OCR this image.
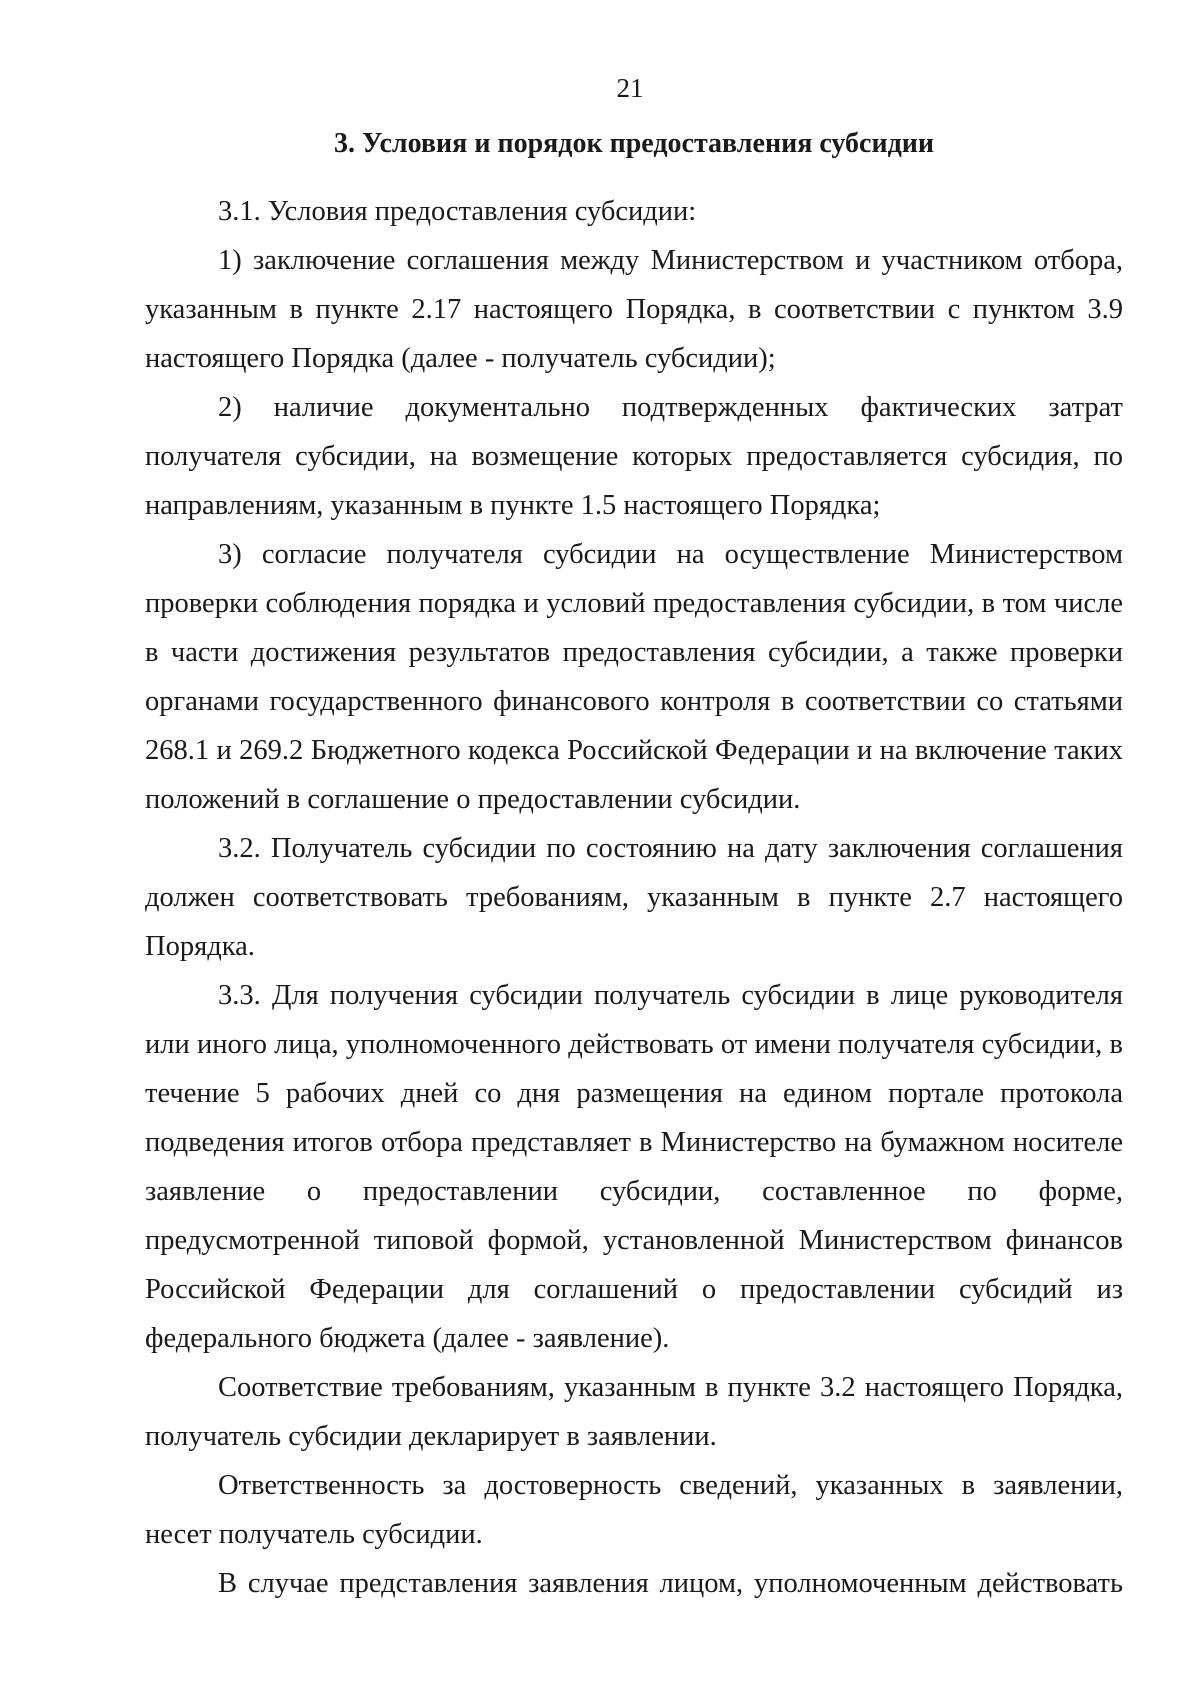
21
3. Условия и порядок предоставления субсидии

3.1. Условия предоставления субсидии:

1) заключение соглашения между Министерством и участником отбора, указанным в пункте 2.17 настоящего Порядка, в соответствии с пунктом 3.9 настоящего Порядка (далее - получатель субсидии);

2) наличие документально подтвержденных фактических затрат получателя субсидии, на возмещение которых предоставляется субсидия, по направлениям, указанным в пункте 1.5 настоящего Порядка;

3) согласие получателя субсидии на осуществление Министерством проверки соблюдения порядка и условий предоставления субсидии, в том числе в части достижения результатов предоставления субсидии, а также проверки органами государственного финансового контроля в соответствии со статьями 268.1 и 269.2 Бюджетного кодекса Российской Федерации и на включение таких положений в соглашение о предоставлении субсидии.

3.2. Получатель субсидии по состоянию на дату заключения соглашения должен соответствовать требованиям, указанным в пункте 2.7 настоящего Порядка.

3.3. Для получения субсидии получатель субсидии в лице руководителя или иного лица, уполномоченного действовать от имени получателя субсидии, в течение 5 рабочих дней со дня размещения на едином портале протокола подведения итогов отбора представляет в Министерство на бумажном носителе заявление о предоставлении субсидии, составленное по форме, предусмотренной типовой формой, установленной Министерством финансов Российской Федерации для соглашений о предоставлении субсидий из федерального бюджета (далее - заявление).

Соответствие требованиям, указанным в пункте 3.2 настоящего Порядка, получатель субсидии декларирует в заявлении.

Ответственность за достоверность сведений, указанных в заявлении, несет получатель субсидии.

В случае представления заявления лицом, уполномоченным действовать
